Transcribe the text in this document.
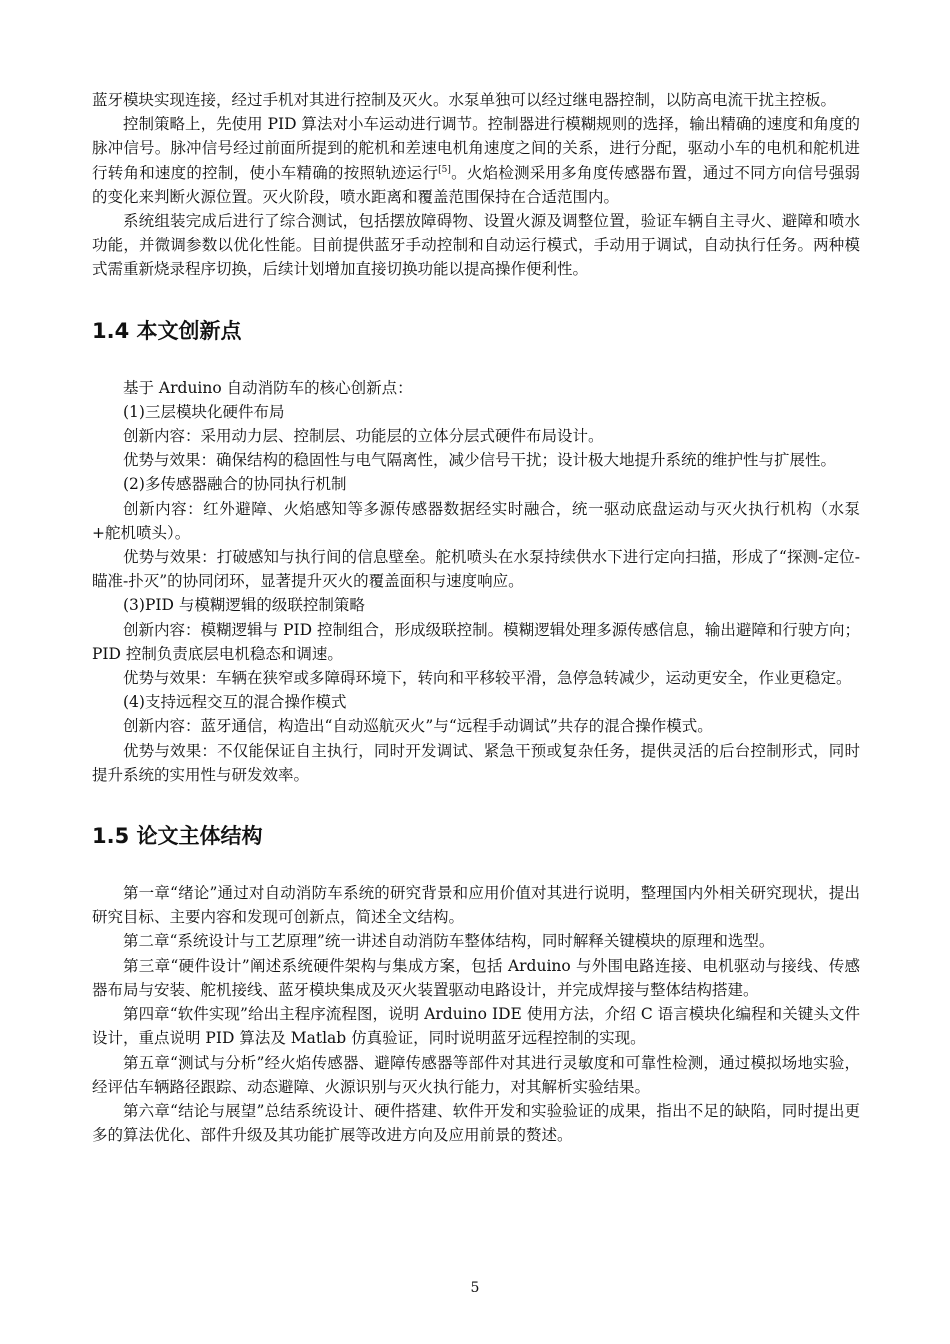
蓝牙模块实现连接，经过手机对其进行控制及灭火。水泵单独可以经过继电器控制，以防高电流干扰主控板。

控制策略上，先使用 PID 算法对小车运动进行调节。控制器进行模糊规则的选择，输出精确的速度和角度的脉冲信号。脉冲信号经过前面所提到的舵机和差速电机角速度之间的关系，进行分配，驱动小车的电机和舵机进行转角和速度的控制，使小车精确的按照轨迹运行[5]。火焰检测采用多角度传感器布置，通过不同方向信号强弱的变化来判断火源位置。灭火阶段，喷水距离和覆盖范围保持在合适范围内。

系统组装完成后进行了综合测试，包括摆放障碍物、设置火源及调整位置，验证车辆自主寻火、避障和喷水功能，并微调参数以优化性能。目前提供蓝牙手动控制和自动运行模式，手动用于调试，自动执行任务。两种模式需重新烧录程序切换，后续计划增加直接切换功能以提高操作便利性。

1.4 本文创新点

基于 Arduino 自动消防车的核心创新点：

(1)三层模块化硬件布局

创新内容：采用动力层、控制层、功能层的立体分层式硬件布局设计。

优势与效果：确保结构的稳固性与电气隔离性，减少信号干扰；设计极大地提升系统的维护性与扩展性。

(2)多传感器融合的协同执行机制

创新内容：红外避障、火焰感知等多源传感器数据经实时融合，统一驱动底盘运动与灭火执行机构（水泵+舵机喷头）。

优势与效果：打破感知与执行间的信息壁垒。舵机喷头在水泵持续供水下进行定向扫描，形成了“探测-定位-瞄准-扑灭”的协同闭环，显著提升灭火的覆盖面积与速度响应。

(3)PID 与模糊逻辑的级联控制策略

创新内容：模糊逻辑与 PID 控制组合，形成级联控制。模糊逻辑处理多源传感信息，输出避障和行驶方向；PID 控制负责底层电机稳态和调速。

优势与效果：车辆在狭窄或多障碍环境下，转向和平移较平滑，急停急转减少，运动更安全，作业更稳定。

(4)支持远程交互的混合操作模式

创新内容：蓝牙通信，构造出“自动巡航灭火”与“远程手动调试”共存的混合操作模式。

优势与效果：不仅能保证自主执行，同时开发调试、紧急干预或复杂任务，提供灵活的后台控制形式，同时提升系统的实用性与研发效率。

1.5 论文主体结构

第一章“绪论”通过对自动消防车系统的研究背景和应用价值对其进行说明，整理国内外相关研究现状，提出研究目标、主要内容和发现可创新点，简述全文结构。

第二章“系统设计与工艺原理”统一讲述自动消防车整体结构，同时解释关键模块的原理和选型。

第三章“硬件设计”阐述系统硬件架构与集成方案，包括 Arduino 与外围电路连接、电机驱动与接线、传感器布局与安装、舵机接线、蓝牙模块集成及灭火装置驱动电路设计，并完成焊接与整体结构搭建。

第四章“软件实现”给出主程序流程图，说明 Arduino IDE 使用方法，介绍 C 语言模块化编程和关键头文件设计，重点说明 PID 算法及 Matlab 仿真验证，同时说明蓝牙远程控制的实现。

第五章“测试与分析”经火焰传感器、避障传感器等部件对其进行灵敏度和可靠性检测，通过模拟场地实验，经评估车辆路径跟踪、动态避障、火源识别与灭火执行能力，对其解析实验结果。

第六章“结论与展望”总结系统设计、硬件搭建、软件开发和实验验证的成果，指出不足的缺陷，同时提出更多的算法优化、部件升级及其功能扩展等改进方向及应用前景的赘述。

5
